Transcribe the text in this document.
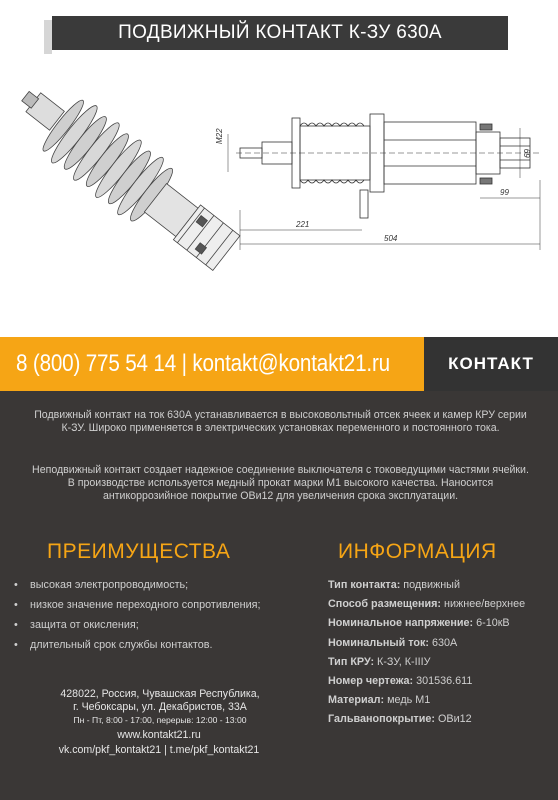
ПОДВИЖНЫЙ КОНТАКТ К-ЗУ 630А
M22
69
99
221
504
8 (800) 775 54 14 | kontakt@kontakt21.ru	КОНТАКТ
Подвижный контакт на ток 630А устанавливается в высоковольтный отсек ячеек и камер КРУ серии К-ЗУ. Широко применяется в электрических установках переменного и постоянного тока.
Неподвижный контакт создает надежное соединение выключателя с токоведущими частями ячейки. В производстве используется медный прокат марки М1 высокого качества. Наносится антикоррозийное покрытие ОВи12 для увеличения срока эксплуатации.
ПРЕИМУЩЕСТВА	ИНФОРМАЦИЯ
• высокая электропроводимость;
• низкое значение переходного сопротивления;
• защита от окисления;
• длительный срок службы контактов.
Тип контакта: подвижный
Способ размещения: нижнее/верхнее
Номинальное напряжение: 6-10кВ
Номинальный ток: 630А
Тип КРУ: К-ЗУ, К-IIIУ
Номер чертежа: 301536.611
Материал: медь М1
Гальванопокрытие: ОВи12
428022, Россия, Чувашская Республика,
г. Чебоксары, ул. Декабристов, 33А
Пн - Пт, 8:00 - 17:00, перерыв: 12:00 - 13:00
www.kontakt21.ru
vk.com/pkf_kontakt21 | t.me/pkf_kontakt21
